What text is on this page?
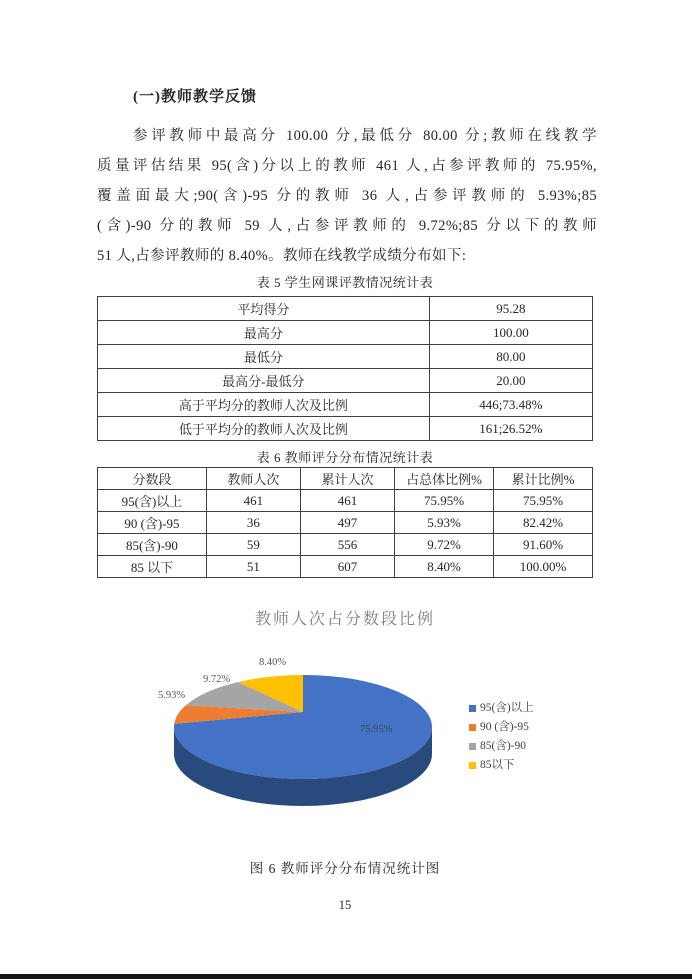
(一)教师教学反馈
参评教师中最高分 100.00 分,最低分 80.00 分;教师在线教学
质量评估结果 95(含)分以上的教师 461 人,占参评教师的 75.95%,
覆盖面最大;90(含)-95 分的教师 36 人,占参评教师的 5.93%;85
(含)-90 分的教师 59 人,占参评教师的 9.72%;85 分以下的教师
51 人,占参评教师的 8.40%。教师在线教学成绩分布如下:
表 5 学生网课评教情况统计表
平均得分	95.28
最高分	100.00
最低分	80.00
最高分-最低分	20.00
高于平均分的教师人次及比例	446;73.48%
低于平均分的教师人次及比例	161;26.52%
表 6 教师评分分布情况统计表
分数段	教师人次	累计人次	占总体比例%	累计比例%
95(含)以上	461	461	75.95%	75.95%
90 (含)-95	36	497	5.93%	82.42%
85(含)-90	59	556	9.72%	91.60%
85 以下	51	607	8.40%	100.00%
教师人次占分数段比例
75.95%
5.93%
9.72%
8.40%
95(含)以上
90 (含)-95
85(含)-90
85以下
图 6 教师评分分布情况统计图
15
